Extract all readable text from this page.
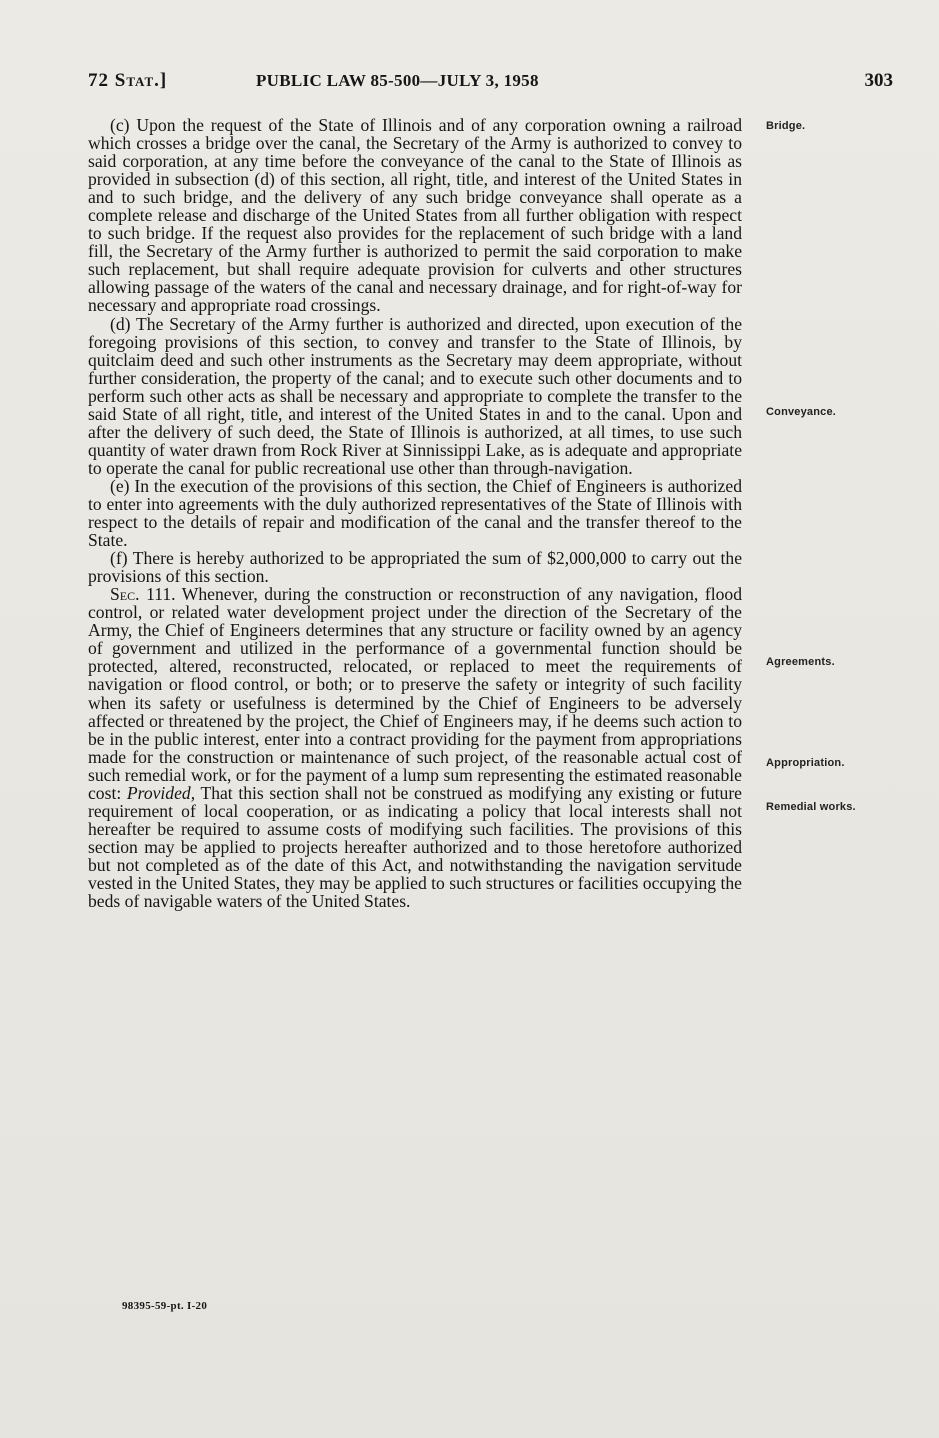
72 Stat.]	PUBLIC LAW 85-500—JULY 3, 1958	303

(c) Upon the request of the State of Illinois and of any corporation owning a railroad which crosses a bridge over the canal, the Secretary of the Army is authorized to convey to said corporation, at any time before the conveyance of the canal to the State of Illinois as provided in subsection (d) of this section, all right, title, and interest of the United States in and to such bridge, and the delivery of any such bridge conveyance shall operate as a complete release and discharge of the United States from all further obligation with respect to such bridge. If the request also provides for the replacement of such bridge with a land fill, the Secretary of the Army further is authorized to permit the said corporation to make such replacement, but shall require adequate provision for culverts and other structures allowing passage of the waters of the canal and necessary drainage, and for right-of-way for necessary and appropriate road crossings.

(d) The Secretary of the Army further is authorized and directed, upon execution of the foregoing provisions of this section, to convey and transfer to the State of Illinois, by quitclaim deed and such other instruments as the Secretary may deem appropriate, without further consideration, the property of the canal; and to execute such other documents and to perform such other acts as shall be necessary and appropriate to complete the transfer to the said State of all right, title, and interest of the United States in and to the canal. Upon and after the delivery of such deed, the State of Illinois is authorized, at all times, to use such quantity of water drawn from Rock River at Sinnissippi Lake, as is adequate and appropriate to operate the canal for public recreational use other than through-navigation.

(e) In the execution of the provisions of this section, the Chief of Engineers is authorized to enter into agreements with the duly authorized representatives of the State of Illinois with respect to the details of repair and modification of the canal and the transfer thereof to the State.

(f) There is hereby authorized to be appropriated the sum of $2,000,000 to carry out the provisions of this section.

Sec. 111. Whenever, during the construction or reconstruction of any navigation, flood control, or related water development project under the direction of the Secretary of the Army, the Chief of Engineers determines that any structure or facility owned by an agency of government and utilized in the performance of a governmental function should be protected, altered, reconstructed, relocated, or replaced to meet the requirements of navigation or flood control, or both; or to preserve the safety or integrity of such facility when its safety or usefulness is determined by the Chief of Engineers to be adversely affected or threatened by the project, the Chief of Engineers may, if he deems such action to be in the public interest, enter into a contract providing for the payment from appropriations made for the construction or maintenance of such project, of the reasonable actual cost of such remedial work, or for the payment of a lump sum representing the estimated reasonable cost: Provided, That this section shall not be construed as modifying any existing or future requirement of local cooperation, or as indicating a policy that local interests shall not hereafter be required to assume costs of modifying such facilities. The provisions of this section may be applied to projects hereafter authorized and to those heretofore authorized but not completed as of the date of this Act, and notwithstanding the navigation servitude vested in the United States, they may be applied to such structures or facilities occupying the beds of navigable waters of the United States.

Bridge.
Conveyance.
Agreements.
Appropriation.
Remedial works.
98395-59-pt. I-20
